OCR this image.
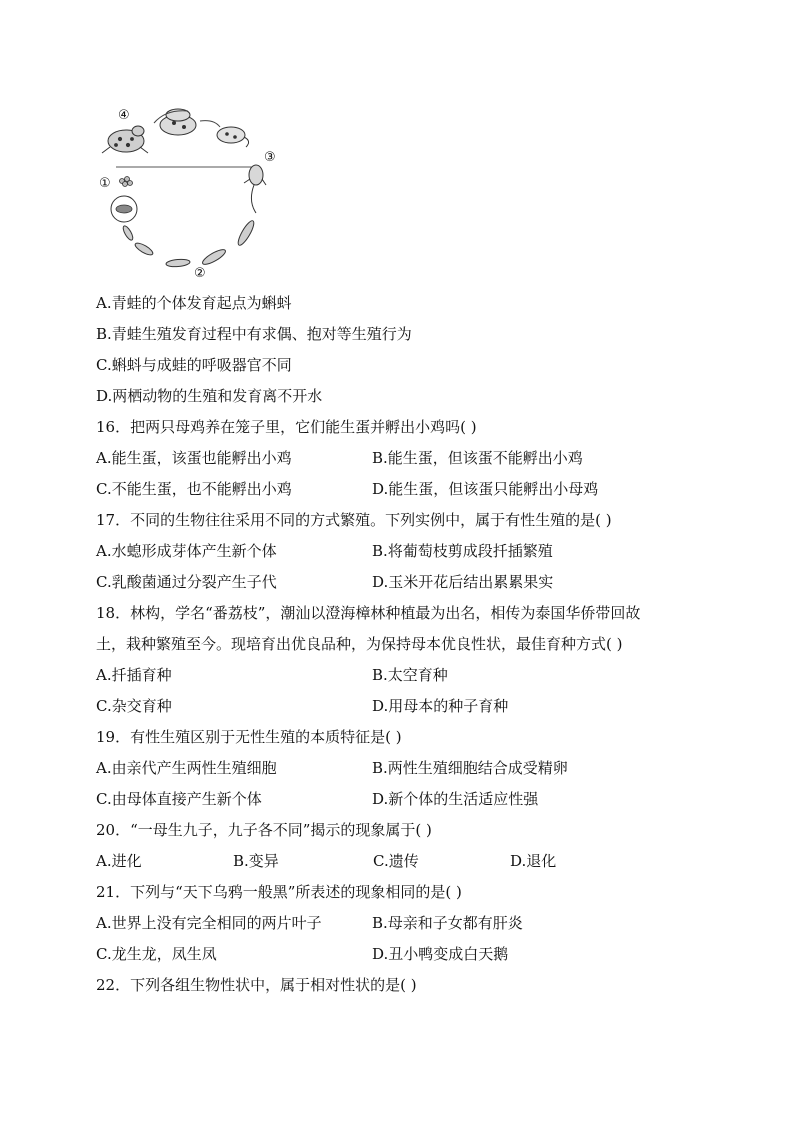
④
①
③
②
A.青蛙的个体发育起点为蝌蚪
B.青蛙生殖发育过程中有求偶、抱对等生殖行为
C.蝌蚪与成蛙的呼吸器官不同
D.两栖动物的生殖和发育离不开水
16．把两只母鸡养在笼子里，它们能生蛋并孵出小鸡吗( )
A.能生蛋，该蛋也能孵出小鸡	B.能生蛋，但该蛋不能孵出小鸡
C.不能生蛋，也不能孵出小鸡	D.能生蛋，但该蛋只能孵出小母鸡
17．不同的生物往往采用不同的方式繁殖。下列实例中，属于有性生殖的是( )
A.水螅形成芽体产生新个体	B.将葡萄枝剪成段扦插繁殖
C.乳酸菌通过分裂产生子代	D.玉米开花后结出累累果实
18．林构，学名“番荔枝”，潮汕以澄海樟林种植最为出名，相传为泰国华侨带回故
土，栽种繁殖至今。现培育出优良品种，为保持母本优良性状，最佳育种方式( )
A.扦插育种	B.太空育种
C.杂交育种	D.用母本的种子育种
19．有性生殖区别于无性生殖的本质特征是( )
A.由亲代产生两性生殖细胞	B.两性生殖细胞结合成受精卵
C.由母体直接产生新个体	D.新个体的生活适应性强
20．“一母生九子，九子各不同”揭示的现象属于( )
A.进化	B.变异	C.遗传	D.退化
21．下列与“天下乌鸦一般黑”所表述的现象相同的是( )
A.世界上没有完全相同的两片叶子	B.母亲和子女都有肝炎
C.龙生龙，凤生凤	D.丑小鸭变成白天鹅
22．下列各组生物性状中，属于相对性状的是( )
